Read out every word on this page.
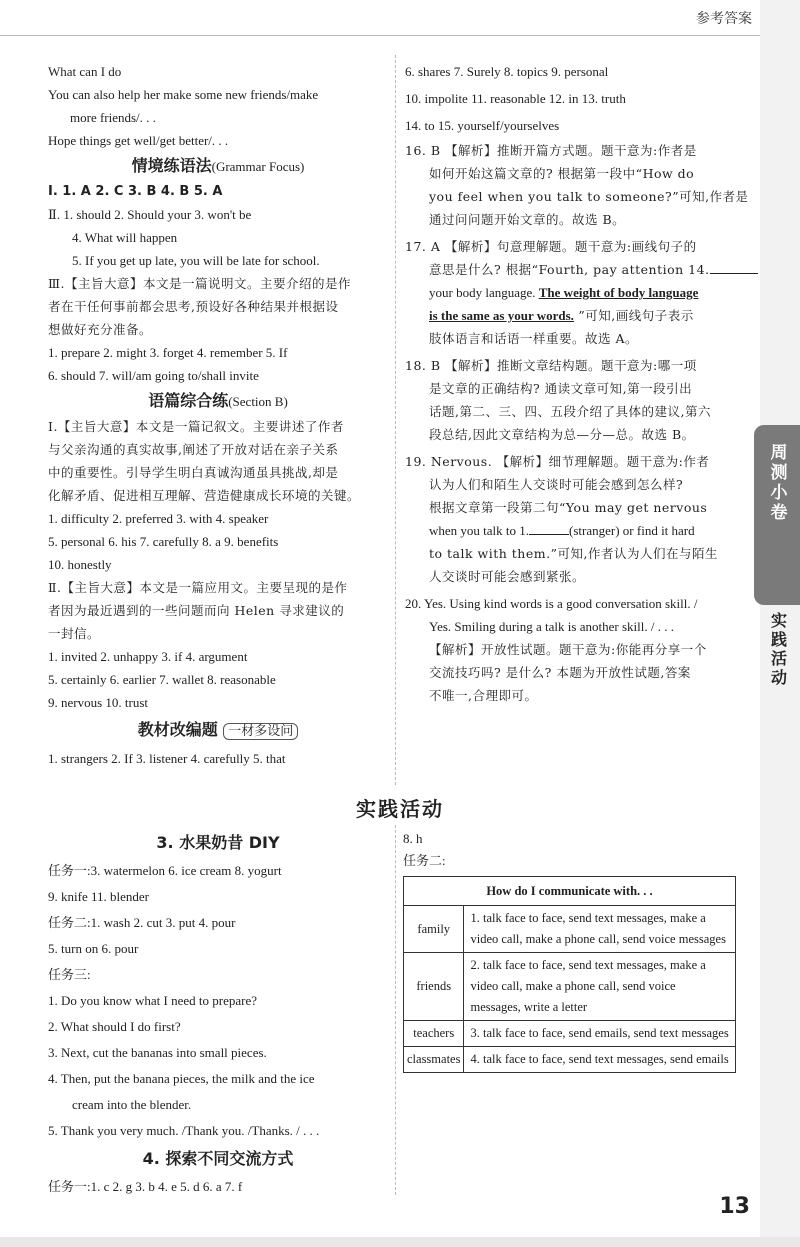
参考答案
What can I do
You can also help her make some new friends/make
more friends/. . .
Hope things get well/get better/. . .
情境练语法(Grammar Focus)
Ⅰ. 1. A 2. C 3. B 4. B 5. A
Ⅱ. 1. should 2. Should your 3. won't be
4. What will happen
5. If you get up late, you will be late for school.
Ⅲ.【主旨大意】本文是一篇说明文。主要介绍的是作
者在干任何事前都会思考,预设好各种结果并根据设
想做好充分准备。
1. prepare 2. might 3. forget 4. remember 5. If
6. should 7. will/am going to/shall invite
语篇综合练(Section B)
Ⅰ.【主旨大意】本文是一篇记叙文。主要讲述了作者
与父亲沟通的真实故事,阐述了开放对话在亲子关系
中的重要性。引导学生明白真诚沟通虽具挑战,却是
化解矛盾、促进相互理解、营造健康成长环境的关键。
1. difficulty 2. preferred 3. with 4. speaker
5. personal 6. his 7. carefully 8. a 9. benefits
10. honestly
Ⅱ.【主旨大意】本文是一篇应用文。主要呈现的是作
者因为最近遇到的一些问题而向 Helen 寻求建议的
一封信。
1. invited 2. unhappy 3. if 4. argument
5. certainly 6. earlier 7. wallet 8. reasonable
9. nervous 10. trust
教材改编题 一材多设问
1. strangers 2. If 3. listener 4. carefully 5. that
6. shares 7. Surely 8. topics 9. personal
10. impolite 11. reasonable 12. in 13. truth
14. to 15. yourself/yourselves
16. B 【解析】推断开篇方式题。题干意为:作者是
如何开始这篇文章的? 根据第一段中“How do
you feel when you talk to someone?”可知,作者是
通过问问题开始文章的。故选 B。
17. A 【解析】句意理解题。题干意为:画线句子的
意思是什么? 根据“Fourth, pay attention 14.
your body language. The weight of body language
is the same as your words. ”可知,画线句子表示
肢体语言和话语一样重要。故选 A。
18. B 【解析】推断文章结构题。题干意为:哪一项
是文章的正确结构? 通读文章可知,第一段引出
话题,第二、三、四、五段介绍了具体的建议,第六
段总结,因此文章结构为总—分—总。故选 B。
19. Nervous. 【解析】细节理解题。题干意为:作者
认为人们和陌生人交谈时可能会感到怎么样?
根据文章第一段第二句“You may get nervous
when you talk to 1.	(stranger) or find it hard
to talk with them.”可知,作者认为人们在与陌生
人交谈时可能会感到紧张。
20. Yes. Using kind words is a good conversation skill. /
Yes. Smiling during a talk is another skill. / . . .
【解析】开放性试题。题干意为:你能再分享一个
交流技巧吗? 是什么? 本题为开放性试题,答案
不唯一,合理即可。
实践活动
3. 水果奶昔 DIY
任务一:3. watermelon 6. ice cream 8. yogurt
9. knife 11. blender
任务二:1. wash 2. cut 3. put 4. pour
5. turn on 6. pour
任务三:
1. Do you know what I need to prepare?
2. What should I do first?
3. Next, cut the bananas into small pieces.
4. Then, put the banana pieces, the milk and the ice
cream into the blender.
5. Thank you very much. /Thank you. /Thanks. / . . .
4. 探索不同交流方式
任务一:1. c 2. g 3. b 4. e 5. d 6. a 7. f
8. h
任务二:
How do I communicate with. . .	
family	1. talk face to face, send text messages, make a video call, make a phone call, send voice messages
friends	2. talk face to face, send text messages, make a video call, make a phone call, send voice messages, write a letter
teachers	3. talk face to face, send emails, send text messages
classmates	4. talk face to face, send text messages, send emails
周测小卷
实践活动
13
